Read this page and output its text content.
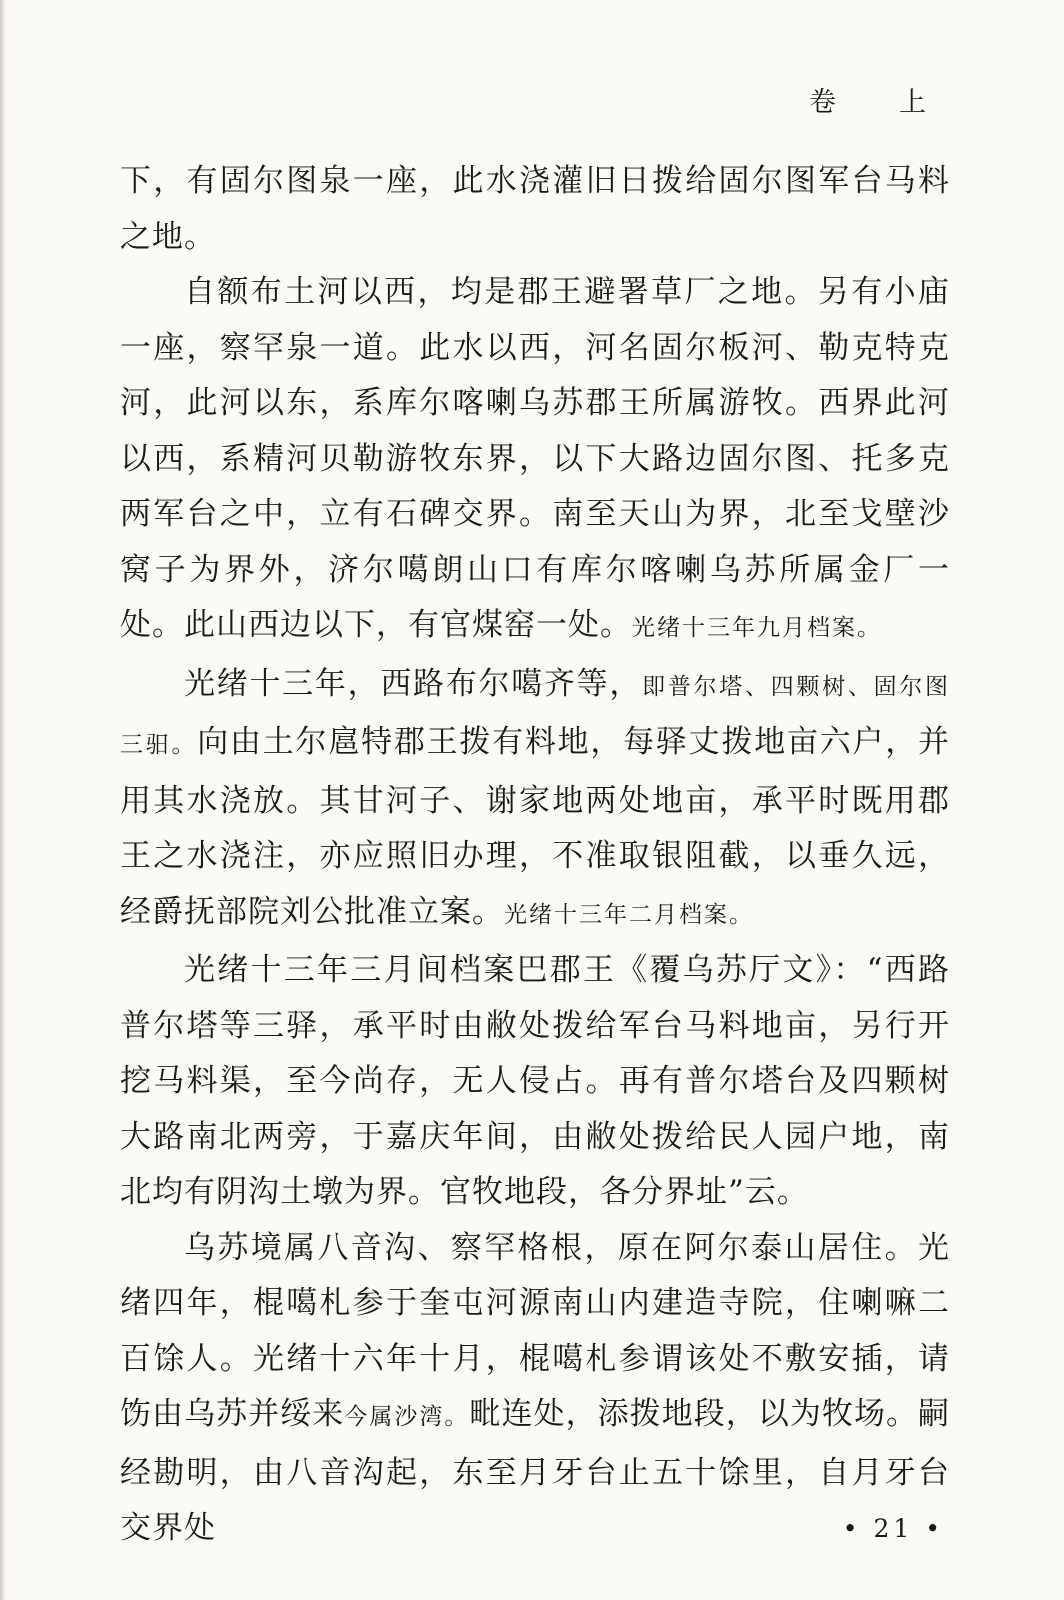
卷　上

下，有固尔图泉一座，此水浇灌旧日拨给固尔图军台马料之地。

自额布土河以西，均是郡王避署草厂之地。另有小庙一座，察罕泉一道。此水以西，河名固尔板河、勒克特克河，此河以东，系库尔喀喇乌苏郡王所属游牧。西界此河以西，系精河贝勒游牧东界，以下大路边固尔图、托多克两军台之中，立有石碑交界。南至天山为界，北至戈壁沙窝子为界外，济尔噶朗山口有库尔喀喇乌苏所属金厂一处。此山西边以下，有官煤窑一处。光绪十三年九月档案。

光绪十三年，西路布尔噶齐等，即普尔塔、四颗树、固尔图三驲。向由土尔扈特郡王拨有料地，每驿丈拨地亩六户，并用其水浇放。其甘河子、谢家地两处地亩，承平时既用郡王之水浇注，亦应照旧办理，不准取银阻截，以垂久远，经爵抚部院刘公批准立案。光绪十三年二月档案。

光绪十三年三月间档案巴郡王《覆乌苏厅文》：“西路普尔塔等三驿，承平时由敝处拨给军台马料地亩，另行开挖马料渠，至今尚存，无人侵占。再有普尔塔台及四颗树大路南北两旁，于嘉庆年间，由敝处拨给民人园户地，南北均有阴沟土墩为界。官牧地段，各分界址”云。

乌苏境属八音沟、察罕格根，原在阿尔泰山居住。光绪四年，棍噶札参于奎屯河源南山内建造寺院，住喇嘛二百馀人。光绪十六年十月，棍噶札参谓该处不敷安插，请饬由乌苏并绥来今属沙湾。毗连处，添拨地段，以为牧场。嗣经勘明，由八音沟起，东至月牙台止五十馀里，自月牙台交界处	• 21 •
